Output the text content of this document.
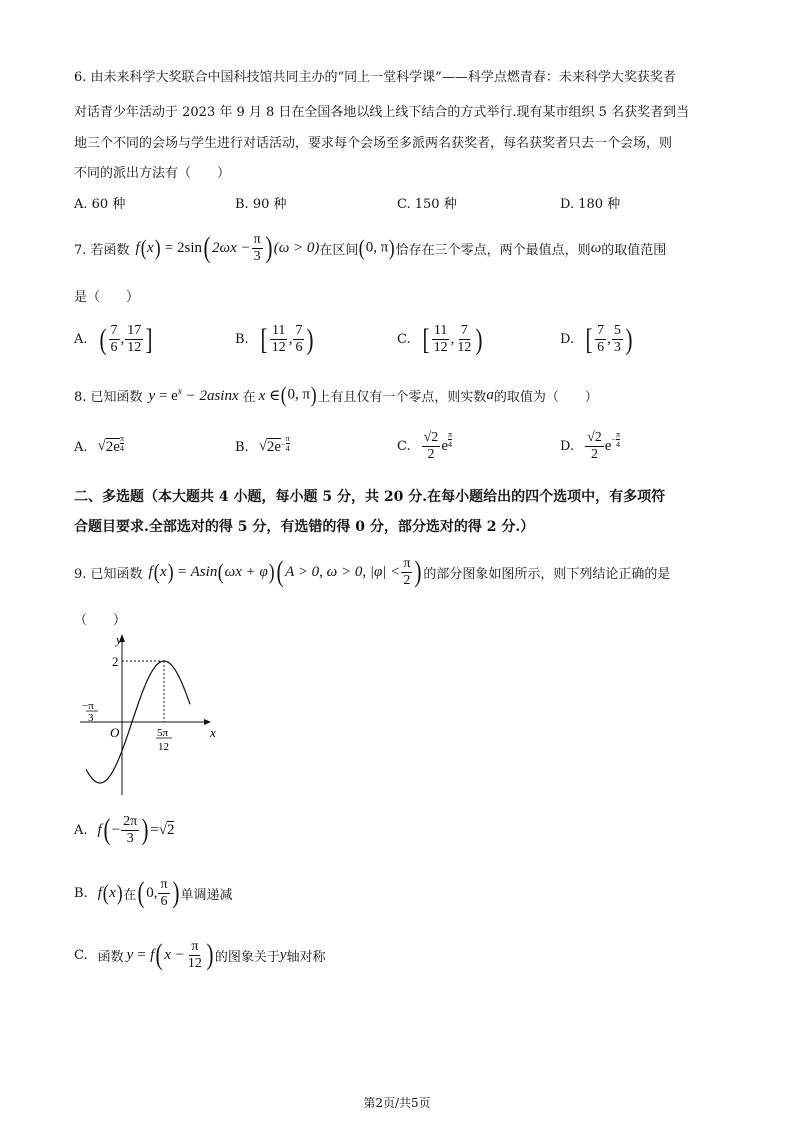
6. 由未来科学大奖联合中国科技馆共同主办的“同上一堂科学课”——科学点燃青春：未来科学大奖获奖者
对话青少年活动于 2023 年 9 月 8 日在全国各地以线上线下结合的方式举行.现有某市组织 5 名获奖者到当
地三个不同的会场与学生进行对话活动，要求每个会场至多派两名获奖者，每名获奖者只去一个会场，则
不同的派出方法有（　　）
A. 60 种	B. 90 种	C. 150 种	D. 180 种
7. 若函数 f(x) = 2sin( $2\omega x - \frac{\pi}{3}$ ) (ω > 0) 在区间 (0, π) 恰存在三个零点，两个最值点，则 ω 的取值范围
是（　　）
A. ( $\frac{7}{6}$ , $\frac{17}{12}$ ]	B. [ $\frac{11}{12}$ , $\frac{7}{6}$ )	C. [ $\frac{11}{12}$ , $\frac{7}{12}$ )	D. [ $\frac{7}{6}$ , $\frac{5}{3}$ )
8. 已知函数 $y = e^x - 2asinx$ 在 x ∈ (0, π) 上有且仅有一个零点，则实数 a 的取值为（　　）
A. √ 2e
π
4	B. √ $2e - \frac{\pi}{4}$	C. $\frac{√2}{2}$ e
π
4	D. $\frac{√2}{2}$ $e - \frac{\pi}{4}$
二、多选题（本大题共 4 小题，每小题 5 分，共 20 分.在每小题给出的四个选项中，有多项符
合题目要求.全部选对的得 5 分，有选错的得 0 分，部分选对的得 2 分.）
9. 已知函数 f ( x ) = Asin ( ωx + φ ) ( A > 0, ω > 0, $|\varphi| < \frac{\pi}{2}$ ) 的部分图象如图所示，则下列结论正确的是
（　　）
y
x
O
2
−π
3
5π
12
A. f ( − $\frac{2\pi}{3}$ ) = √ 2
B. f ( x ) 在 ( 0, $\frac{\pi}{6}$ ) 单调递减
C. 函数 y = f ( $x - \frac{\pi}{12}$ ) 的图象关于 y 轴对称
第2页/共5页
